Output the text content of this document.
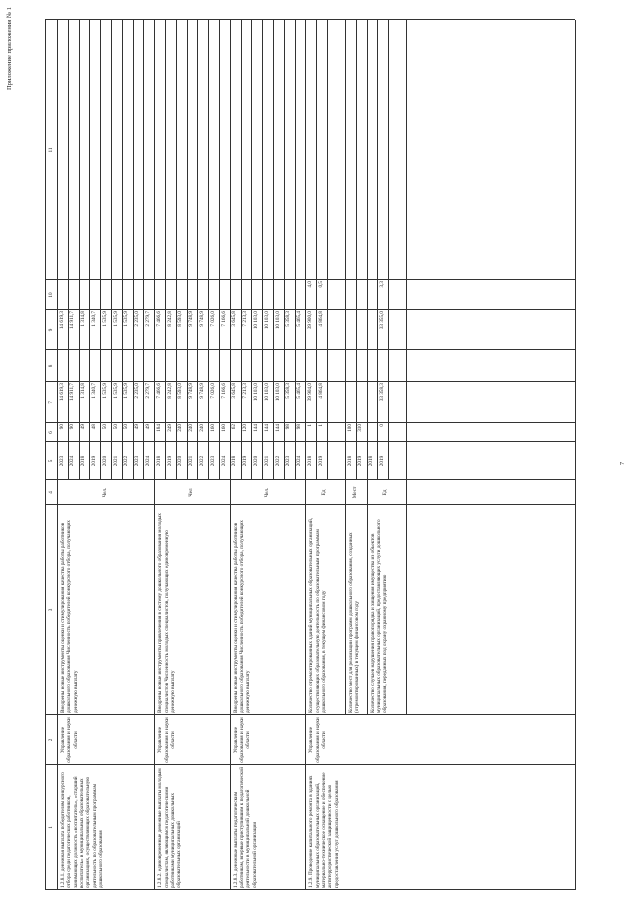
7
Приложение приложения № 1
1
2
3
4
5
6
7
8
9
10
11
2023
90
14 619,3
14 619,3
2024
90
14 911,7
14 911,7
2018
49
1 314,8
1 314,8
2019
48
1 340,7
1 340,7
2020
50
1 535,9
1 535,9
2021
50
1 535,9
1 535,9
2022
50
1 535,9
1 535,9
2023
49
2 235,0
2 235,0
2024
49
2 279,7
2 279,7
1.2.8.1. денежная выплата победителям конкурсного отбора среди педагогических работников, занимающих должность «воспитатель», «старший воспитатель» в муниципальных образовательных организациях, осуществляющих образовательную деятельность по образовательным программам дошкольного образования
Управление образования и науки области
Внедрены новые инструменты оценки и стимулирования качества работы работников дошкольного образования Численность победителей конкурсного отбора, получающих денежную выплату
Чел.
2018
184
7 466,6
7 466,6
2019
249
8 242,8
8 242,8
2020
240
8 593,0
8 593,0
2021
240
9 748,9
9 748,9
2022
240
9 748,9
9 748,9
2023
160
7 026,0
7 026,0
2024
160
7 166,6
7 166,6
1.2.8.2. единовременные денежные выплаты молодым специалистам, являющимся педагогическими работниками муниципальных дошкольных образовательных организаций
Управление образования и науки области
Внедрены новые инструменты привлечения в систему дошкольного образования молодых специалистов Численность молодых специалистов, получающих единовременную денежную выплату
Чел
2018
62
3 645,8
3 645,8
2019
120
7 213,3
7 213,3
2020
144
10 103,0
10 103,0
2021
144
10 103,0
10 103,0
2022
144
10 103,0
10 103,0
2023
98
5 358,3
5 358,3
2024
98
5 465,4
5 465,4
1.2.8.3. денежные выплаты педагогическим работникам, впервые приступившим к педагогической деятельности в муниципальной дошкольной образовательной организации
Управление образования и науки области
Внедрены новые инструменты оценки и стимулирования качества работы работников дошкольного образования Численность победителей конкурсного отбора, получающих денежную выплату
Чел.
2018
1
39 904,0
39 900,0
4,0
2019
1
4 864,8
4 864,8
0,5
Количество отремонтированных зданий муниципальных образовательных организаций, осуществляющих образовательную деятельность по образовательным программам дошкольного образования, в текущем финансовом году
Ед
2018
100
2019
310
Количество мест для реализации программ дошкольного образования, созданных (отремонтированных) в текущем финансовом году
Мест
2018 2019
0
33 358,3
33 355,0
3,3
Количество случаев нарушения правопорядка и хищения имущества из объектов муниципальных образовательных организаций, предоставляющих услуги дошкольного образования, переданных под охрану охранному предприятию
Ед
1.2.9. Проведение капитального ремонта в зданиях муниципальных образовательных организаций, материально-техническое оснащение и обеспечение антитеррористической защищенности с целью предоставления услуг дошкольного образования
Управление образования и науки области
